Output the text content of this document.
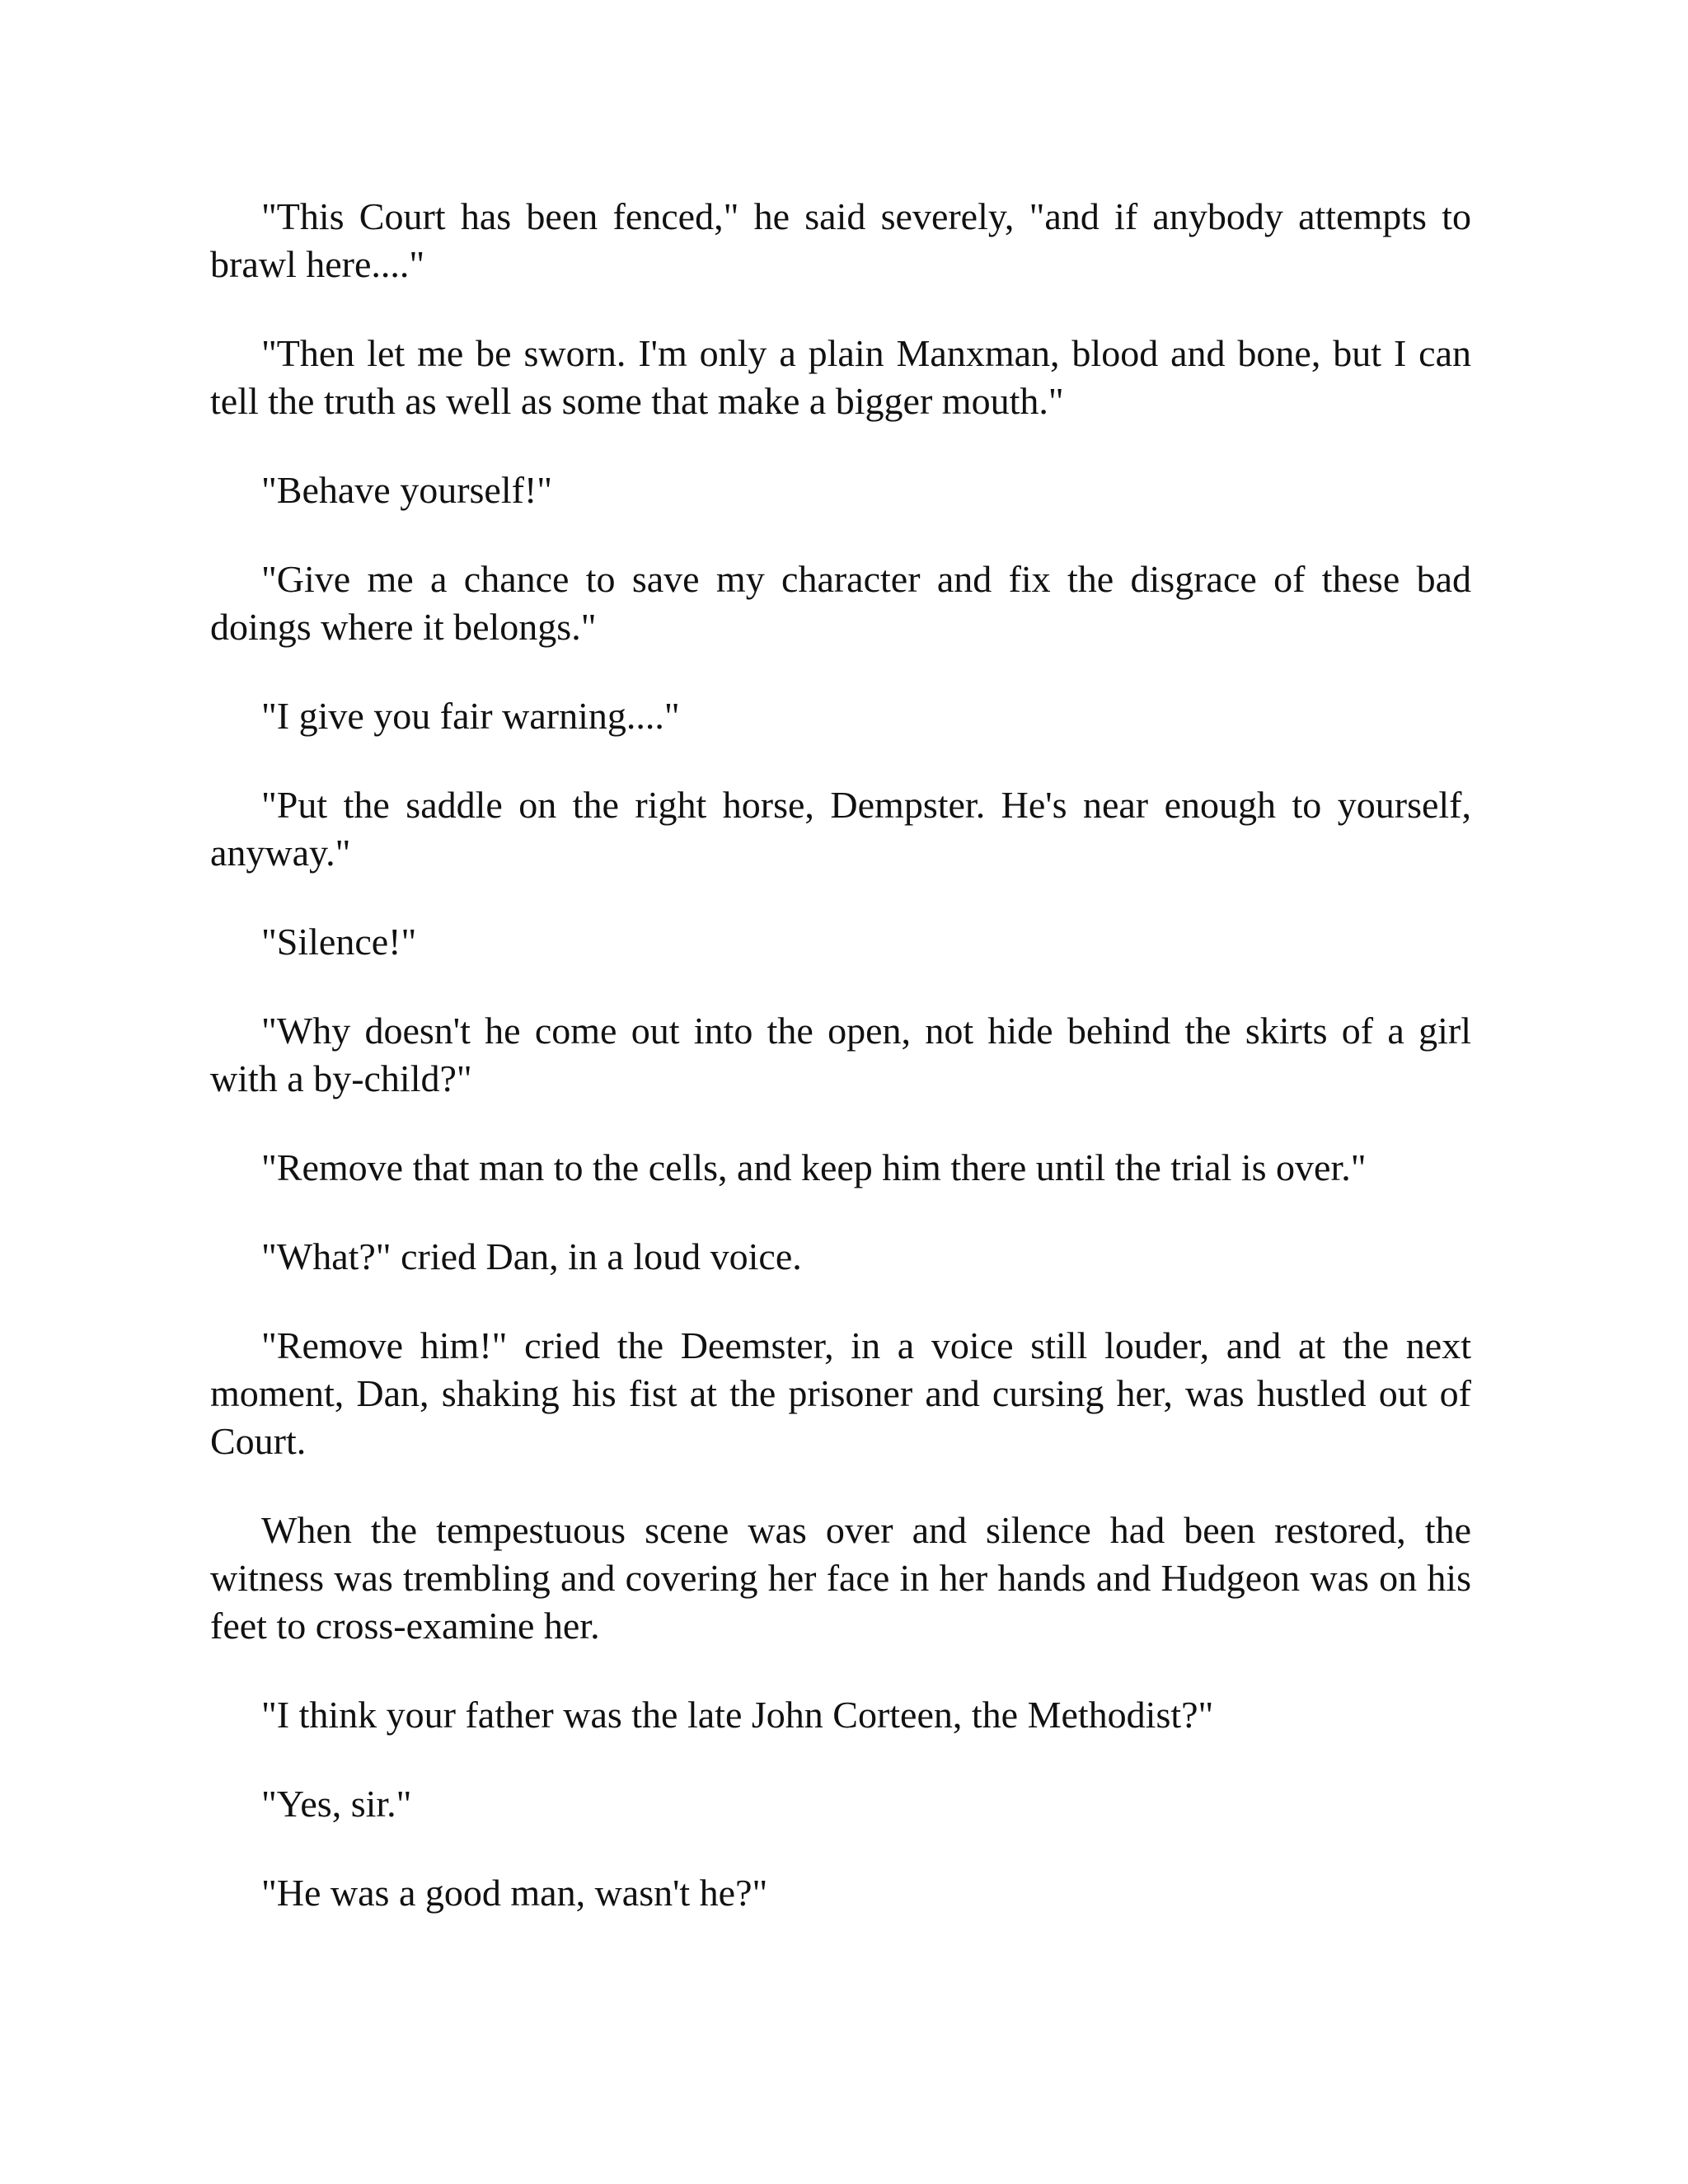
"This Court has been fenced," he said severely, "and if anybody attempts to brawl here...."

"Then let me be sworn. I'm only a plain Manxman, blood and bone, but I can tell the truth as well as some that make a bigger mouth."

"Behave yourself!"

"Give me a chance to save my character and fix the disgrace of these bad doings where it belongs."

"I give you fair warning...."

"Put the saddle on the right horse, Dempster. He's near enough to yourself, anyway."

"Silence!"

"Why doesn't he come out into the open, not hide behind the skirts of a girl with a by-child?"

"Remove that man to the cells, and keep him there until the trial is over."

"What?" cried Dan, in a loud voice.

"Remove him!" cried the Deemster, in a voice still louder, and at the next moment, Dan, shaking his fist at the prisoner and cursing her, was hustled out of Court.

When the tempestuous scene was over and silence had been restored, the witness was trembling and covering her face in her hands and Hudgeon was on his feet to cross-examine her.

"I think your father was the late John Corteen, the Methodist?"

"Yes, sir."

"He was a good man, wasn't he?"
